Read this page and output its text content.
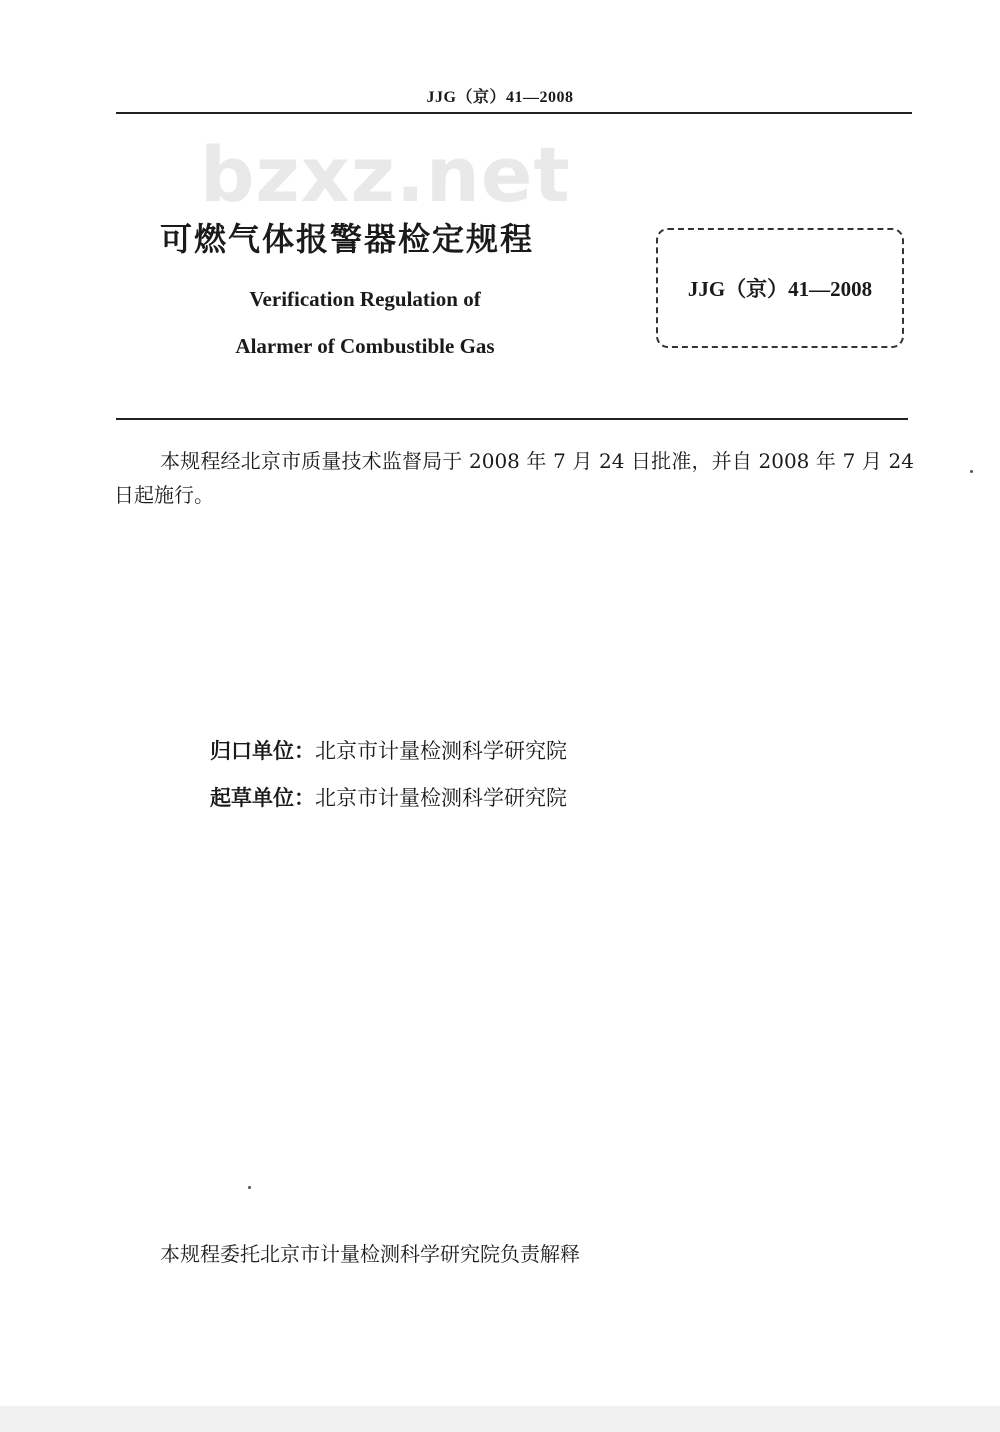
JJG（京）41—2008
bzxz.net
可燃气体报警器检定规程
Verification Regulation of
Alarmer of Combustible Gas
JJG（京）41—2008
本规程经北京市质量技术监督局于 2008 年 7 月 24 日批准，并自 2008 年 7 月 24 日起施行。
归口单位：北京市计量检测科学研究院
起草单位：北京市计量检测科学研究院
本规程委托北京市计量检测科学研究院负责解释
